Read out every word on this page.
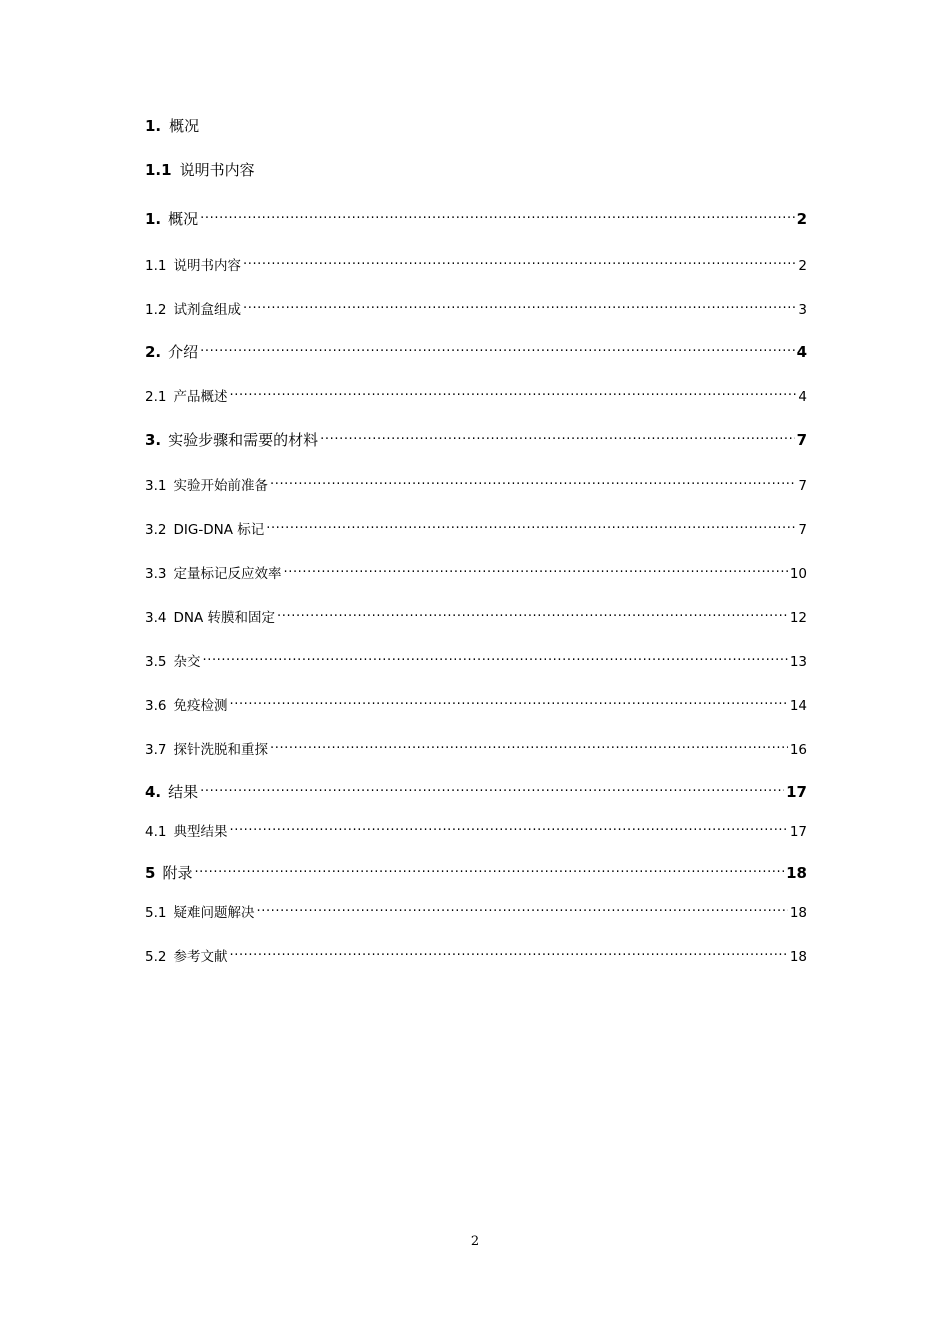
1. 概况
1.1 说明书内容
1. 概况 .....	2
1.1 说明书内容 .....	2
1.2 试剂盒组成 .....	3
2. 介绍 .....	4
2.1 产品概述 .....	4
3. 实验步骤和需要的材料 .....	7
3.1 实验开始前准备 .....	7
3.2 DIG-DNA 标记 .....	7
3.3 定量标记反应效率 .....	10
3.4 DNA 转膜和固定 .....	12
3.5 杂交 .....	13
3.6 免疫检测 .....	14
3.7 探针洗脱和重探 .....	16
4. 结果 .....	17
4.1 典型结果 .....	17
5 附录 .....	18
5.1 疑难问题解决 .....	18
5.2 参考文献 .....	18
2
